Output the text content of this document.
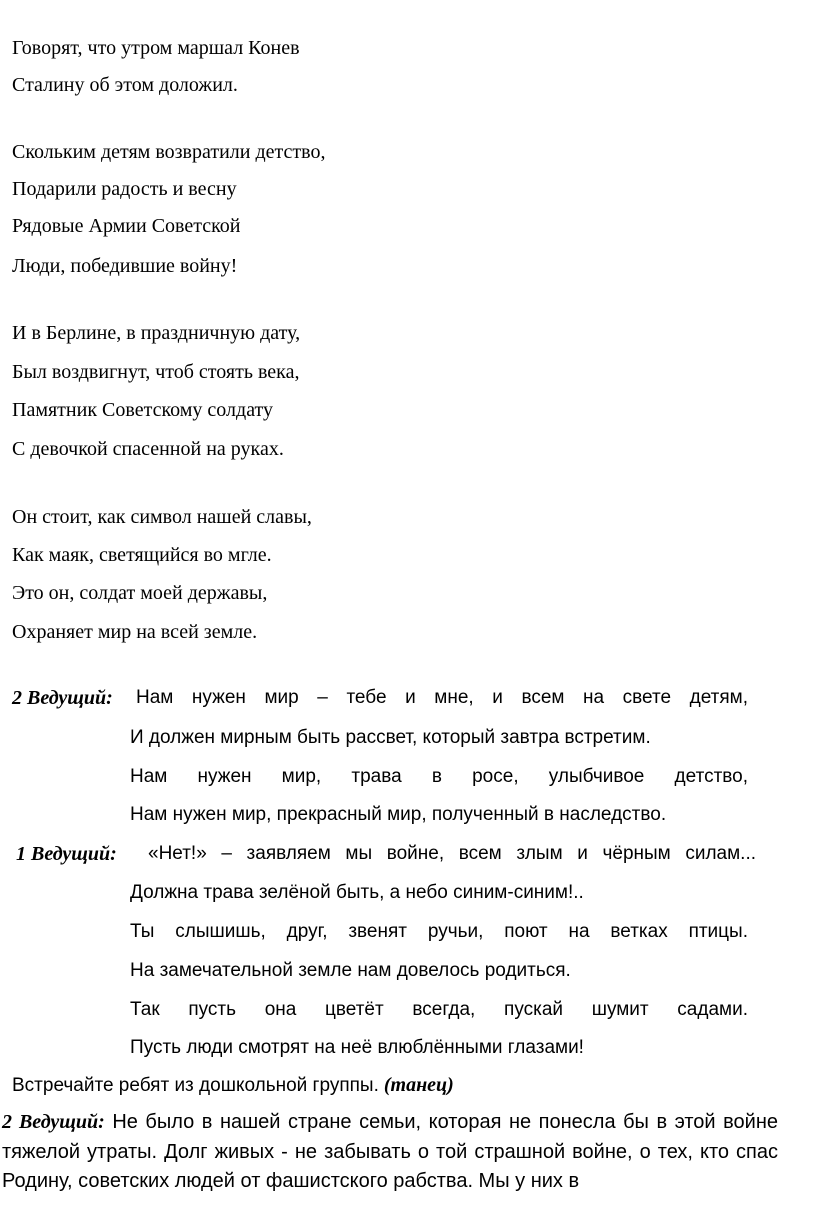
Говорят, что утром маршал Конев
Сталину об этом доложил.
Скольким детям возвратили детство,
Подарили радость и весну
Рядовые Армии Советской
Люди, победившие войну!
И в Берлине, в праздничную дату,
Был воздвигнут, чтоб стоять века,
Памятник Советскому солдату
С девочкой спасенной на руках.
Он стоит, как символ нашей славы,
Как маяк, светящийся во мгле.
Это он, солдат моей державы,
Охраняет мир на всей земле.
2 Ведущий:	Нам нужен мир – тебе и мне, и всем на свете детям,
И должен мирным быть рассвет, который завтра встретим.
Нам нужен мир, трава в росе, улыбчивое детство,
Нам нужен мир, прекрасный мир, полученный в наследство.
1 Ведущий:	«Нет!» – заявляем мы войне, всем злым и чёрным силам...
Должна трава зелёной быть, а небо синим-синим!..
Ты слышишь, друг, звенят ручьи, поют на ветках птицы.
На замечательной земле нам довелось родиться.
Так пусть она цветёт всегда, пускай шумит садами.
Пусть люди смотрят на неё влюблёнными глазами!
Встречайте ребят из дошкольной группы. (танец)
2 Ведущий: Не было в нашей стране семьи, которая не понесла бы в этой войне тяжелой утраты. Долг живых - не забывать о той страшной войне, о тех, кто спас Родину, советских людей от фашистского рабства. Мы у них в
